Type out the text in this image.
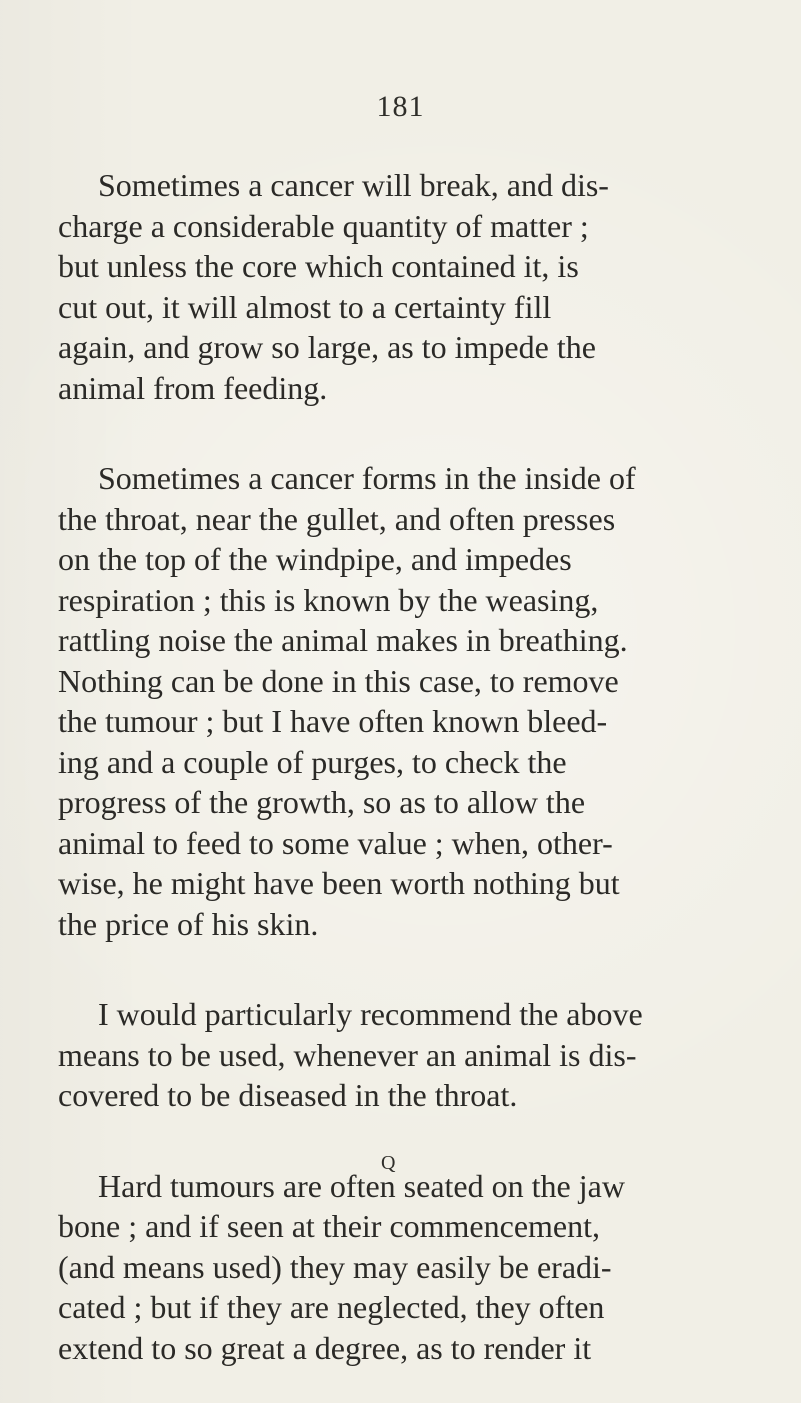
181

Sometimes a cancer will break, and dis-
charge a considerable quantity of matter ;
but unless the core which contained it, is
cut out, it will almost to a certainty fill
again, and grow so large, as to impede the
animal from feeding.

Sometimes a cancer forms in the inside of
the throat, near the gullet, and often presses
on the top of the windpipe, and impedes
respiration ; this is known by the weasing,
rattling noise the animal makes in breathing.
Nothing can be done in this case, to remove
the tumour ; but I have often known bleed-
ing and a couple of purges, to check the
progress of the growth, so as to allow the
animal to feed to some value ; when, other-
wise, he might have been worth nothing but
the price of his skin.

I would particularly recommend the above
means to be used, whenever an animal is dis-
covered to be diseased in the throat.

Hard tumours are often seated on the jaw
bone ; and if seen at their commencement,
(and means used) they may easily be eradi-
cated ; but if they are neglected, they often
extend to so great a degree, as to render it

Q
